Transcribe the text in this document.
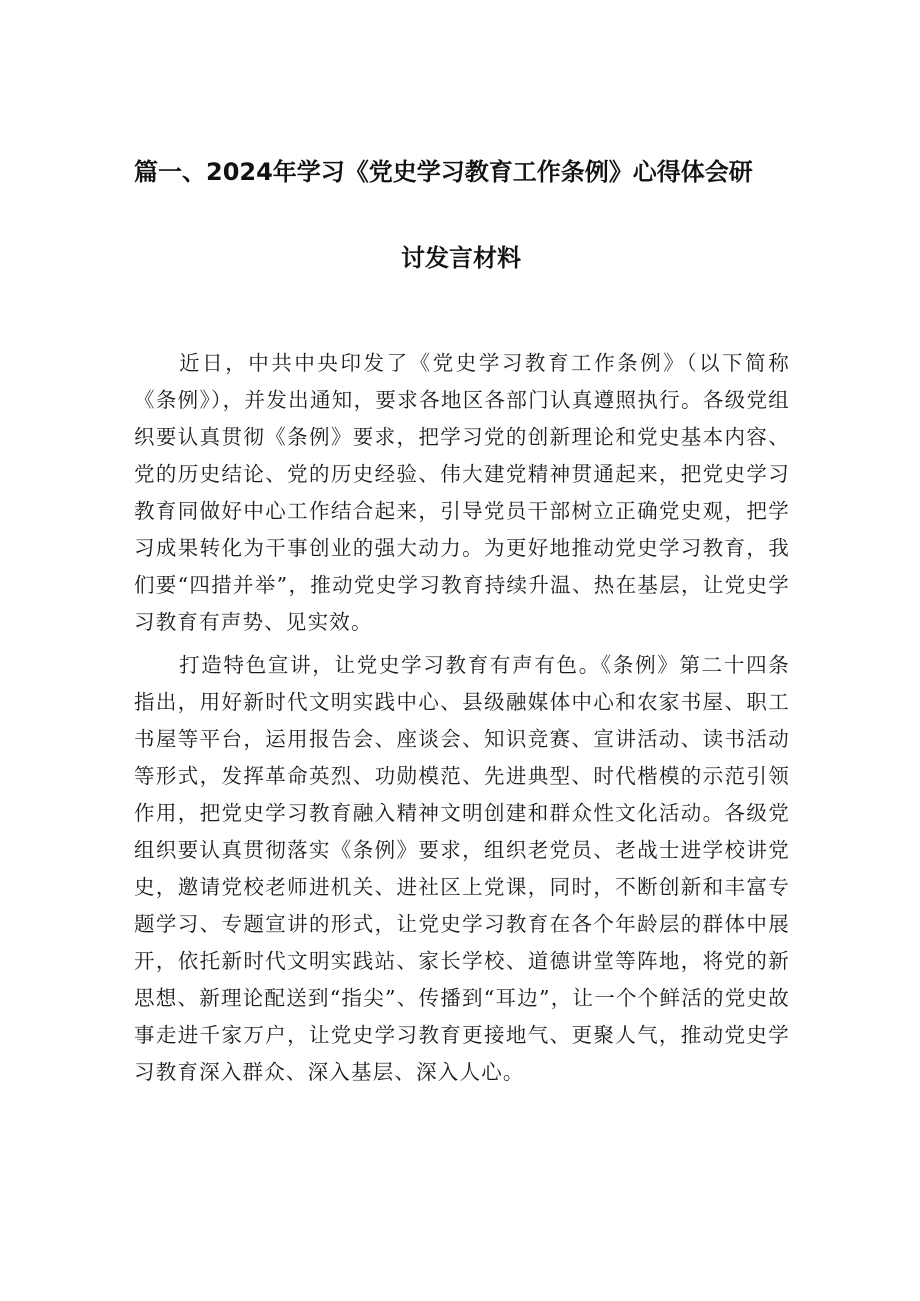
篇一、2024年学习《党史学习教育工作条例》心得体会研

讨发言材料

近日，中共中央印发了《党史学习教育工作条例》（以下简称《条例》），并发出通知，要求各地区各部门认真遵照执行。各级党组织要认真贯彻《条例》要求，把学习党的创新理论和党史基本内容、党的历史结论、党的历史经验、伟大建党精神贯通起来，把党史学习教育同做好中心工作结合起来，引导党员干部树立正确党史观，把学习成果转化为干事创业的强大动力。为更好地推动党史学习教育，我们要“四措并举”，推动党史学习教育持续升温、热在基层，让党史学习教育有声势、见实效。

打造特色宣讲，让党史学习教育有声有色。《条例》第二十四条指出，用好新时代文明实践中心、县级融媒体中心和农家书屋、职工书屋等平台，运用报告会、座谈会、知识竞赛、宣讲活动、读书活动等形式，发挥革命英烈、功勋模范、先进典型、时代楷模的示范引领作用，把党史学习教育融入精神文明创建和群众性文化活动。各级党组织要认真贯彻落实《条例》要求，组织老党员、老战士进学校讲党史，邀请党校老师进机关、进社区上党课，同时，不断创新和丰富专题学习、专题宣讲的形式，让党史学习教育在各个年龄层的群体中展开，依托新时代文明实践站、家长学校、道德讲堂等阵地，将党的新思想、新理论配送到“指尖”、传播到“耳边”，让一个个鲜活的党史故事走进千家万户，让党史学习教育更接地气、更聚人气，推动党史学习教育深入群众、深入基层、深入人心。
